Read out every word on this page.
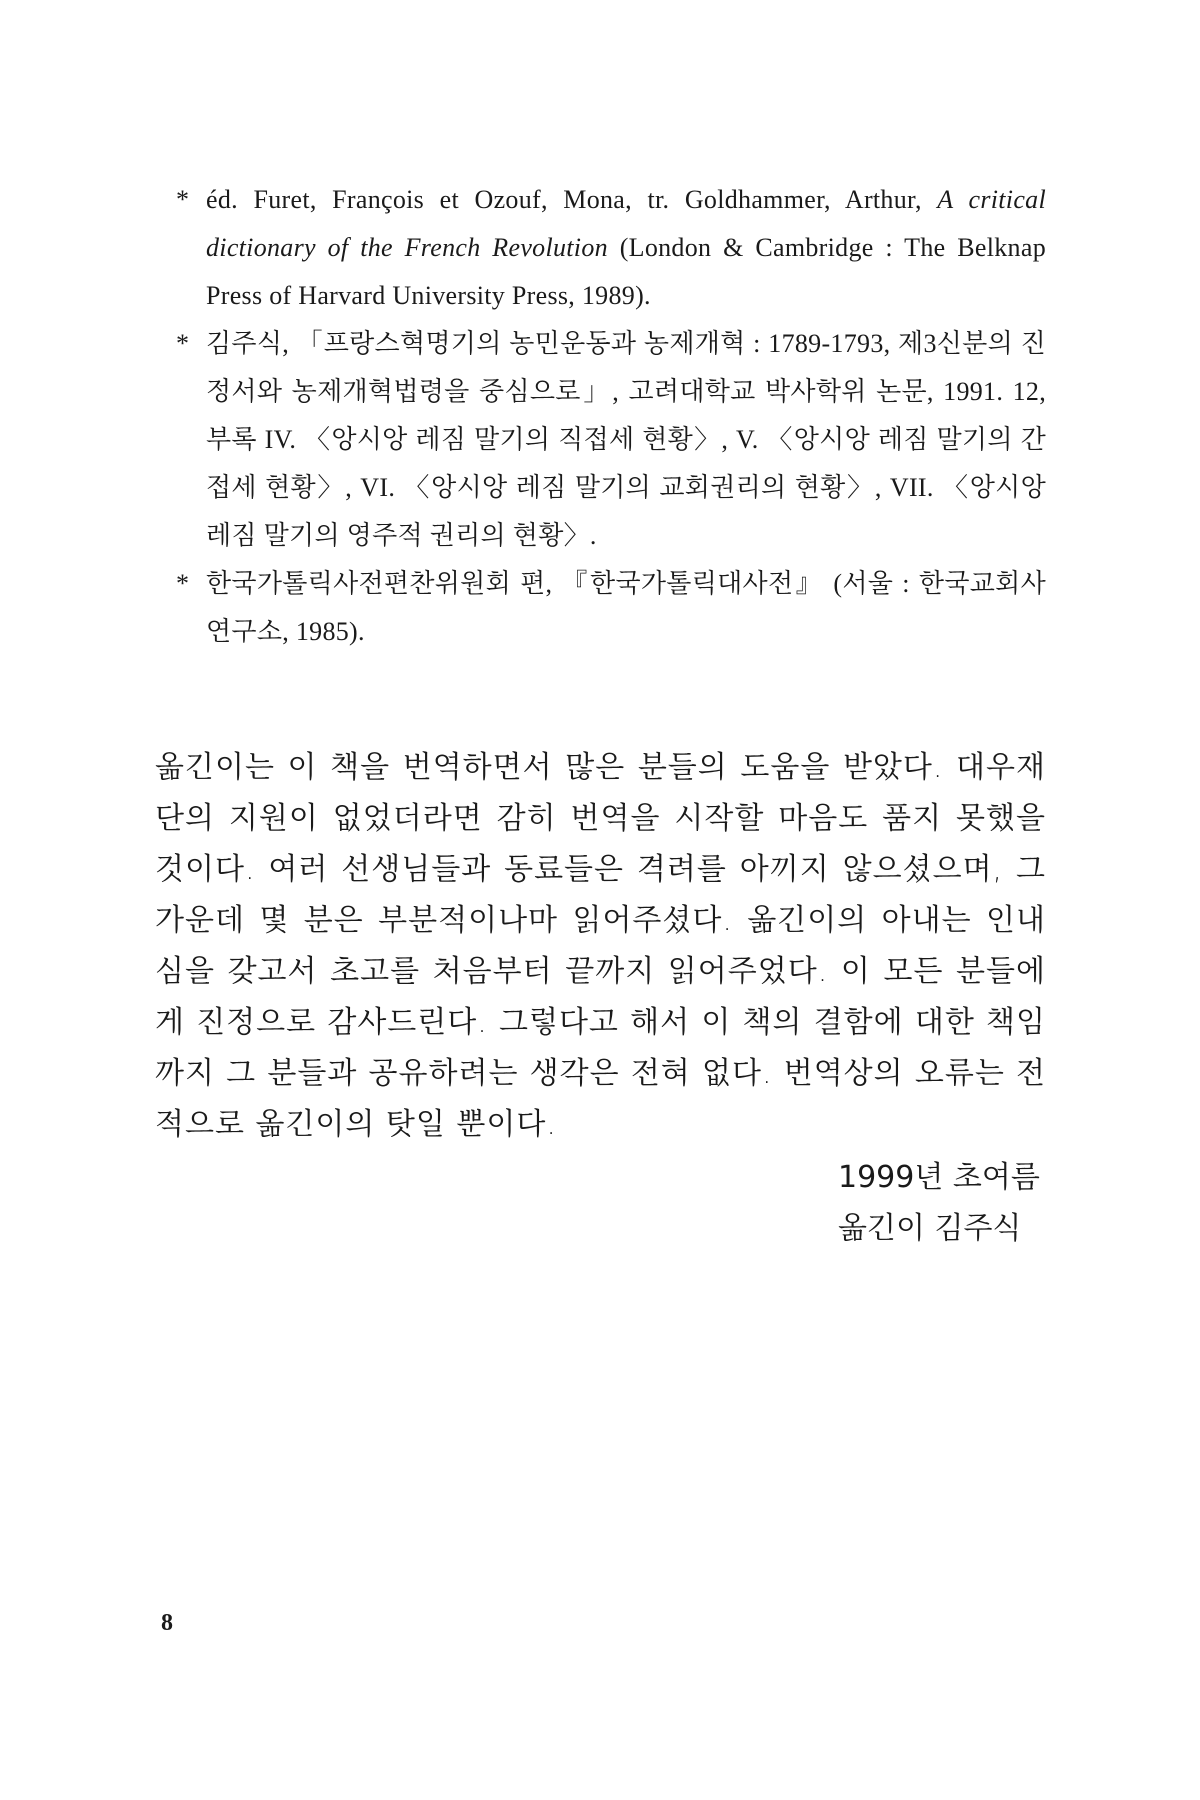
* éd. Furet, François et Ozouf, Mona, tr. Goldhammer, Arthur, A critical dictionary of the French Revolution (London & Cambridge : The Belknap Press of Harvard University Press, 1989).
* 김주식, 「프랑스혁명기의 농민운동과 농제개혁 : 1789-1793, 제3신분의 진정서와 농제개혁법령을 중심으로」, 고려대학교 박사학위 논문, 1991. 12, 부록 IV. 〈앙시앙 레짐 말기의 직접세 현황〉, V. 〈앙시앙 레짐 말기의 간접세 현황〉, VI. 〈앙시앙 레짐 말기의 교회권리의 현황〉, VII. 〈앙시앙 레짐 말기의 영주적 권리의 현황〉.
* 한국가톨릭사전편찬위원회 편, 『한국가톨릭대사전』 (서울 : 한국교회사연구소, 1985).

옮긴이는 이 책을 번역하면서 많은 분들의 도움을 받았다. 대우재단의 지원이 없었더라면 감히 번역을 시작할 마음도 품지 못했을 것이다. 여러 선생님들과 동료들은 격려를 아끼지 않으셨으며, 그 가운데 몇 분은 부분적이나마 읽어주셨다. 옮긴이의 아내는 인내심을 갖고서 초고를 처음부터 끝까지 읽어주었다. 이 모든 분들에게 진정으로 감사드린다. 그렇다고 해서 이 책의 결함에 대한 책임까지 그 분들과 공유하려는 생각은 전혀 없다. 번역상의 오류는 전적으로 옮긴이의 탓일 뿐이다.

1999년 초여름
옮긴이 김주식
8
